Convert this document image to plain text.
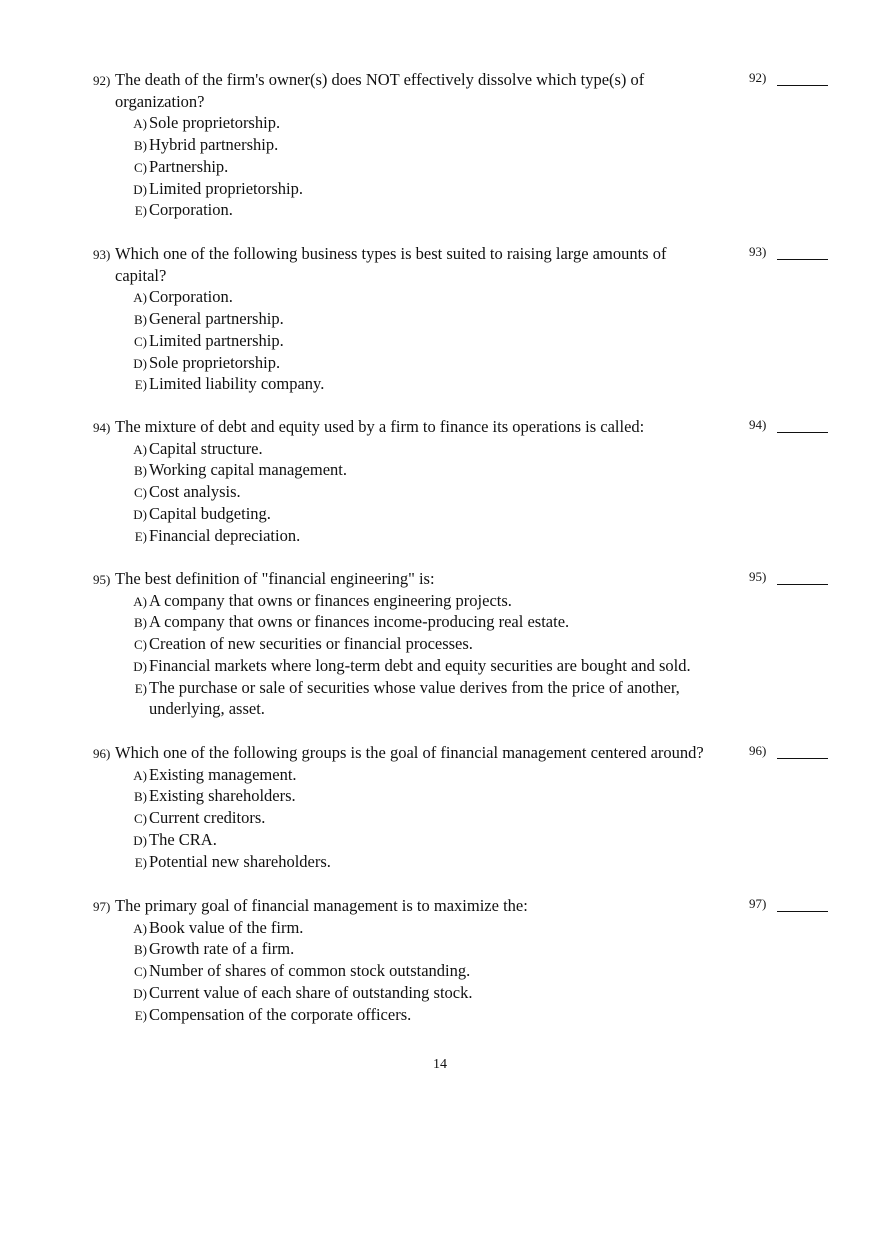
92) The death of the firm's owner(s) does NOT effectively dissolve which type(s) of organization?
92)
A) Sole proprietorship.
B) Hybrid partnership.
C) Partnership.
D) Limited proprietorship.
E) Corporation.
93) Which one of the following business types is best suited to raising large amounts of capital?
93)
A) Corporation.
B) General partnership.
C) Limited partnership.
D) Sole proprietorship.
E) Limited liability company.
94) The mixture of debt and equity used by a firm to finance its operations is called:	94)
A) Capital structure.
B) Working capital management.
C) Cost analysis.
D) Capital budgeting.
E) Financial depreciation.
95) The best definition of "financial engineering" is:	95)
A) A company that owns or finances engineering projects.
B) A company that owns or finances income-producing real estate.
C) Creation of new securities or financial processes.
D) Financial markets where long-term debt and equity securities are bought and sold.
E) The purchase or sale of securities whose value derives from the price of another, underlying, asset.
96) Which one of the following groups is the goal of financial management centered around?	96)
A) Existing management.
B) Existing shareholders.
C) Current creditors.
D) The CRA.
E) Potential new shareholders.
97) The primary goal of financial management is to maximize the:	97)
A) Book value of the firm.
B) Growth rate of a firm.
C) Number of shares of common stock outstanding.
D) Current value of each share of outstanding stock.
E) Compensation of the corporate officers.
14
